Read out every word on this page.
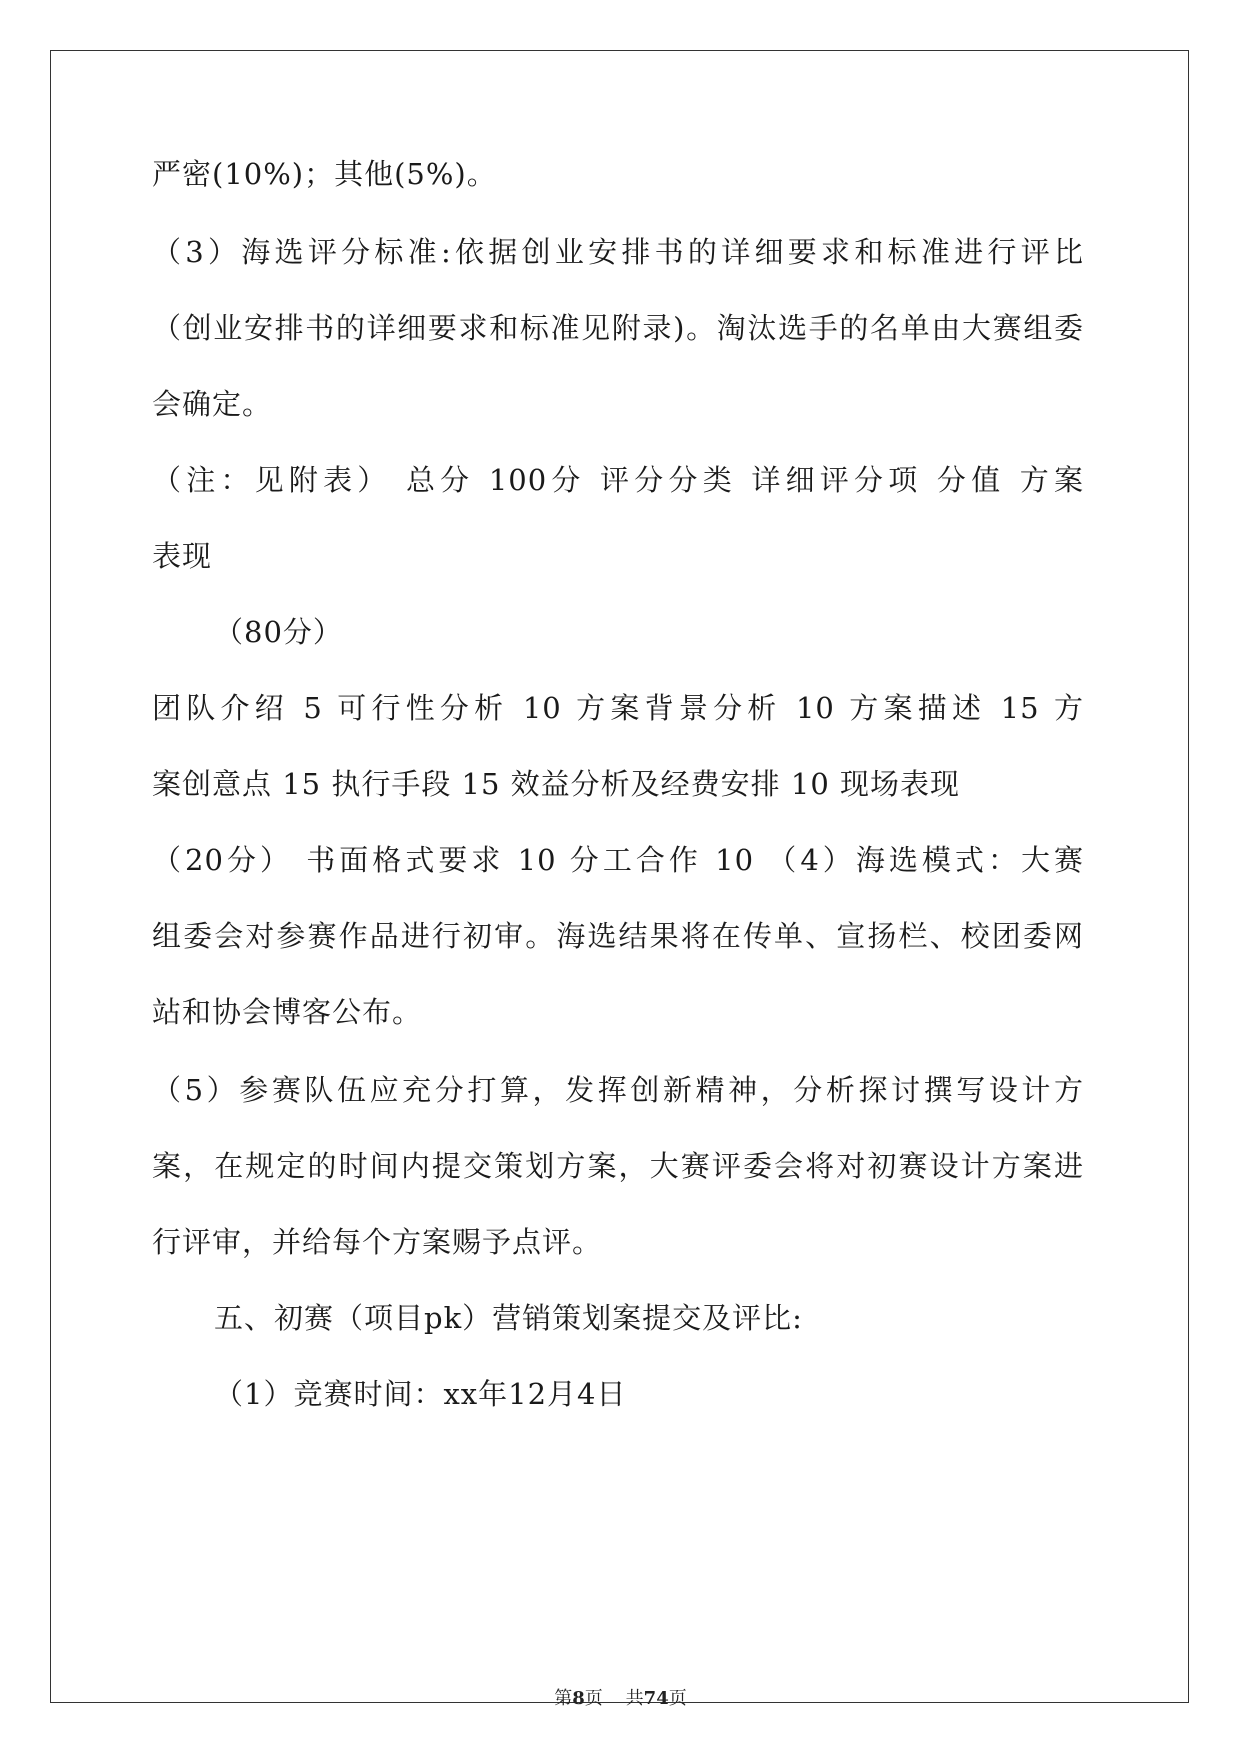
严密(10%)；其他(5%)。
（3）海选评分标准:依据创业安排书的详细要求和标准进行评比
（创业安排书的详细要求和标准见附录)。淘汰选手的名单由大赛组委
会确定。
（注：见附表） 总分 100分 评分分类 详细评分项 分值 方案
表现
（80分）
团队介绍 5 可行性分析 10 方案背景分析 10 方案描述 15 方
案创意点 15 执行手段 15 效益分析及经费安排 10 现场表现
（20分） 书面格式要求 10 分工合作 10 （4）海选模式：大赛
组委会对参赛作品进行初审。海选结果将在传单、宣扬栏、校团委网
站和协会博客公布。
（5）参赛队伍应充分打算，发挥创新精神，分析探讨撰写设计方
案，在规定的时间内提交策划方案，大赛评委会将对初赛设计方案进
行评审，并给每个方案赐予点评。
五、初赛（项目pk）营销策划案提交及评比:
（1）竞赛时间：xx年12月4日
第8页 共74页
